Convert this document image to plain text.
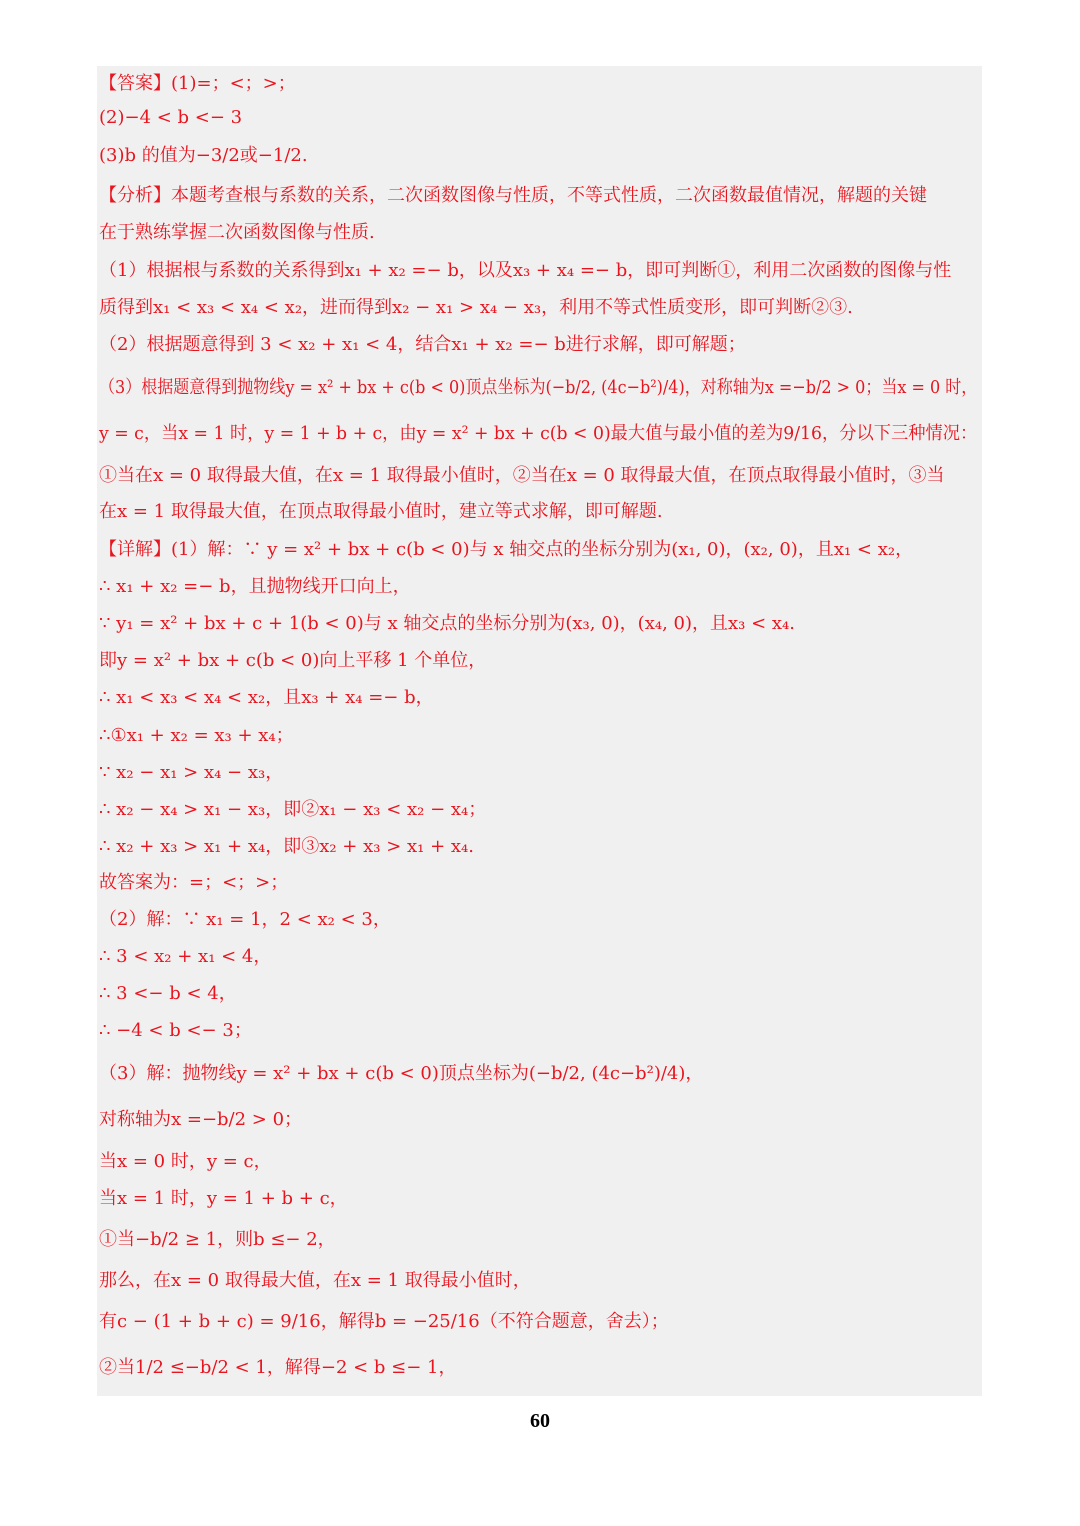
【答案】(1)=；<；>；
(2)−4 < b <− 3
(3)b 的值为−3/2或−1/2.
【分析】本题考查根与系数的关系，二次函数图像与性质，不等式性质，二次函数最值情况，解题的关键
在于熟练掌握二次函数图像与性质.
（1）根据根与系数的关系得到x₁ + x₂ =− b，以及x₃ + x₄ =− b，即可判断①，利用二次函数的图像与性
质得到x₁ < x₃ < x₄ < x₂，进而得到x₂ − x₁ > x₄ − x₃，利用不等式性质变形，即可判断②③.
（2）根据题意得到 3 < x₂ + x₁ < 4，结合x₁ + x₂ =− b进行求解，即可解题；
（3）根据题意得到抛物线y = x² + bx + c(b < 0)顶点坐标为(−b/2, (4c−b²)/4)，对称轴为x =−b/2 > 0；当x = 0 时，
y = c，当x = 1 时，y = 1 + b + c，由y = x² + bx + c(b < 0)最大值与最小值的差为9/16，分以下三种情况：
①当在x = 0 取得最大值，在x = 1 取得最小值时，②当在x = 0 取得最大值，在顶点取得最小值时，③当
在x = 1 取得最大值，在顶点取得最小值时，建立等式求解，即可解题.
【详解】(1）解：∵ y = x² + bx + c(b < 0)与 x 轴交点的坐标分别为(x₁, 0)，(x₂, 0)，且x₁ < x₂，
∴ x₁ + x₂ =− b，且抛物线开口向上，
∵ y₁ = x² + bx + c + 1(b < 0)与 x 轴交点的坐标分别为(x₃, 0)，(x₄, 0)，且x₃ < x₄.
即y = x² + bx + c(b < 0)向上平移 1 个单位，
∴ x₁ < x₃ < x₄ < x₂，且x₃ + x₄ =− b，
∴①x₁ + x₂ = x₃ + x₄；
∵ x₂ − x₁ > x₄ − x₃，
∴ x₂ − x₄ > x₁ − x₃，即②x₁ − x₃ < x₂ − x₄；
∴ x₂ + x₃ > x₁ + x₄，即③x₂ + x₃ > x₁ + x₄.
故答案为：=；<；>；
（2）解：∵ x₁ = 1，2 < x₂ < 3，
∴ 3 < x₂ + x₁ < 4，
∴ 3 <− b < 4，
∴ −4 < b <− 3；
（3）解：抛物线y = x² + bx + c(b < 0)顶点坐标为(−b/2, (4c−b²)/4)，
对称轴为x =−b/2 > 0；
当x = 0 时，y = c，
当x = 1 时，y = 1 + b + c，
①当−b/2 ≥ 1，则b ≤− 2，
那么，在x = 0 取得最大值，在x = 1 取得最小值时，
有c − (1 + b + c) = 9/16，解得b = −25/16（不符合题意，舍去）；
②当1/2 ≤−b/2 < 1，解得−2 < b ≤− 1，
60
